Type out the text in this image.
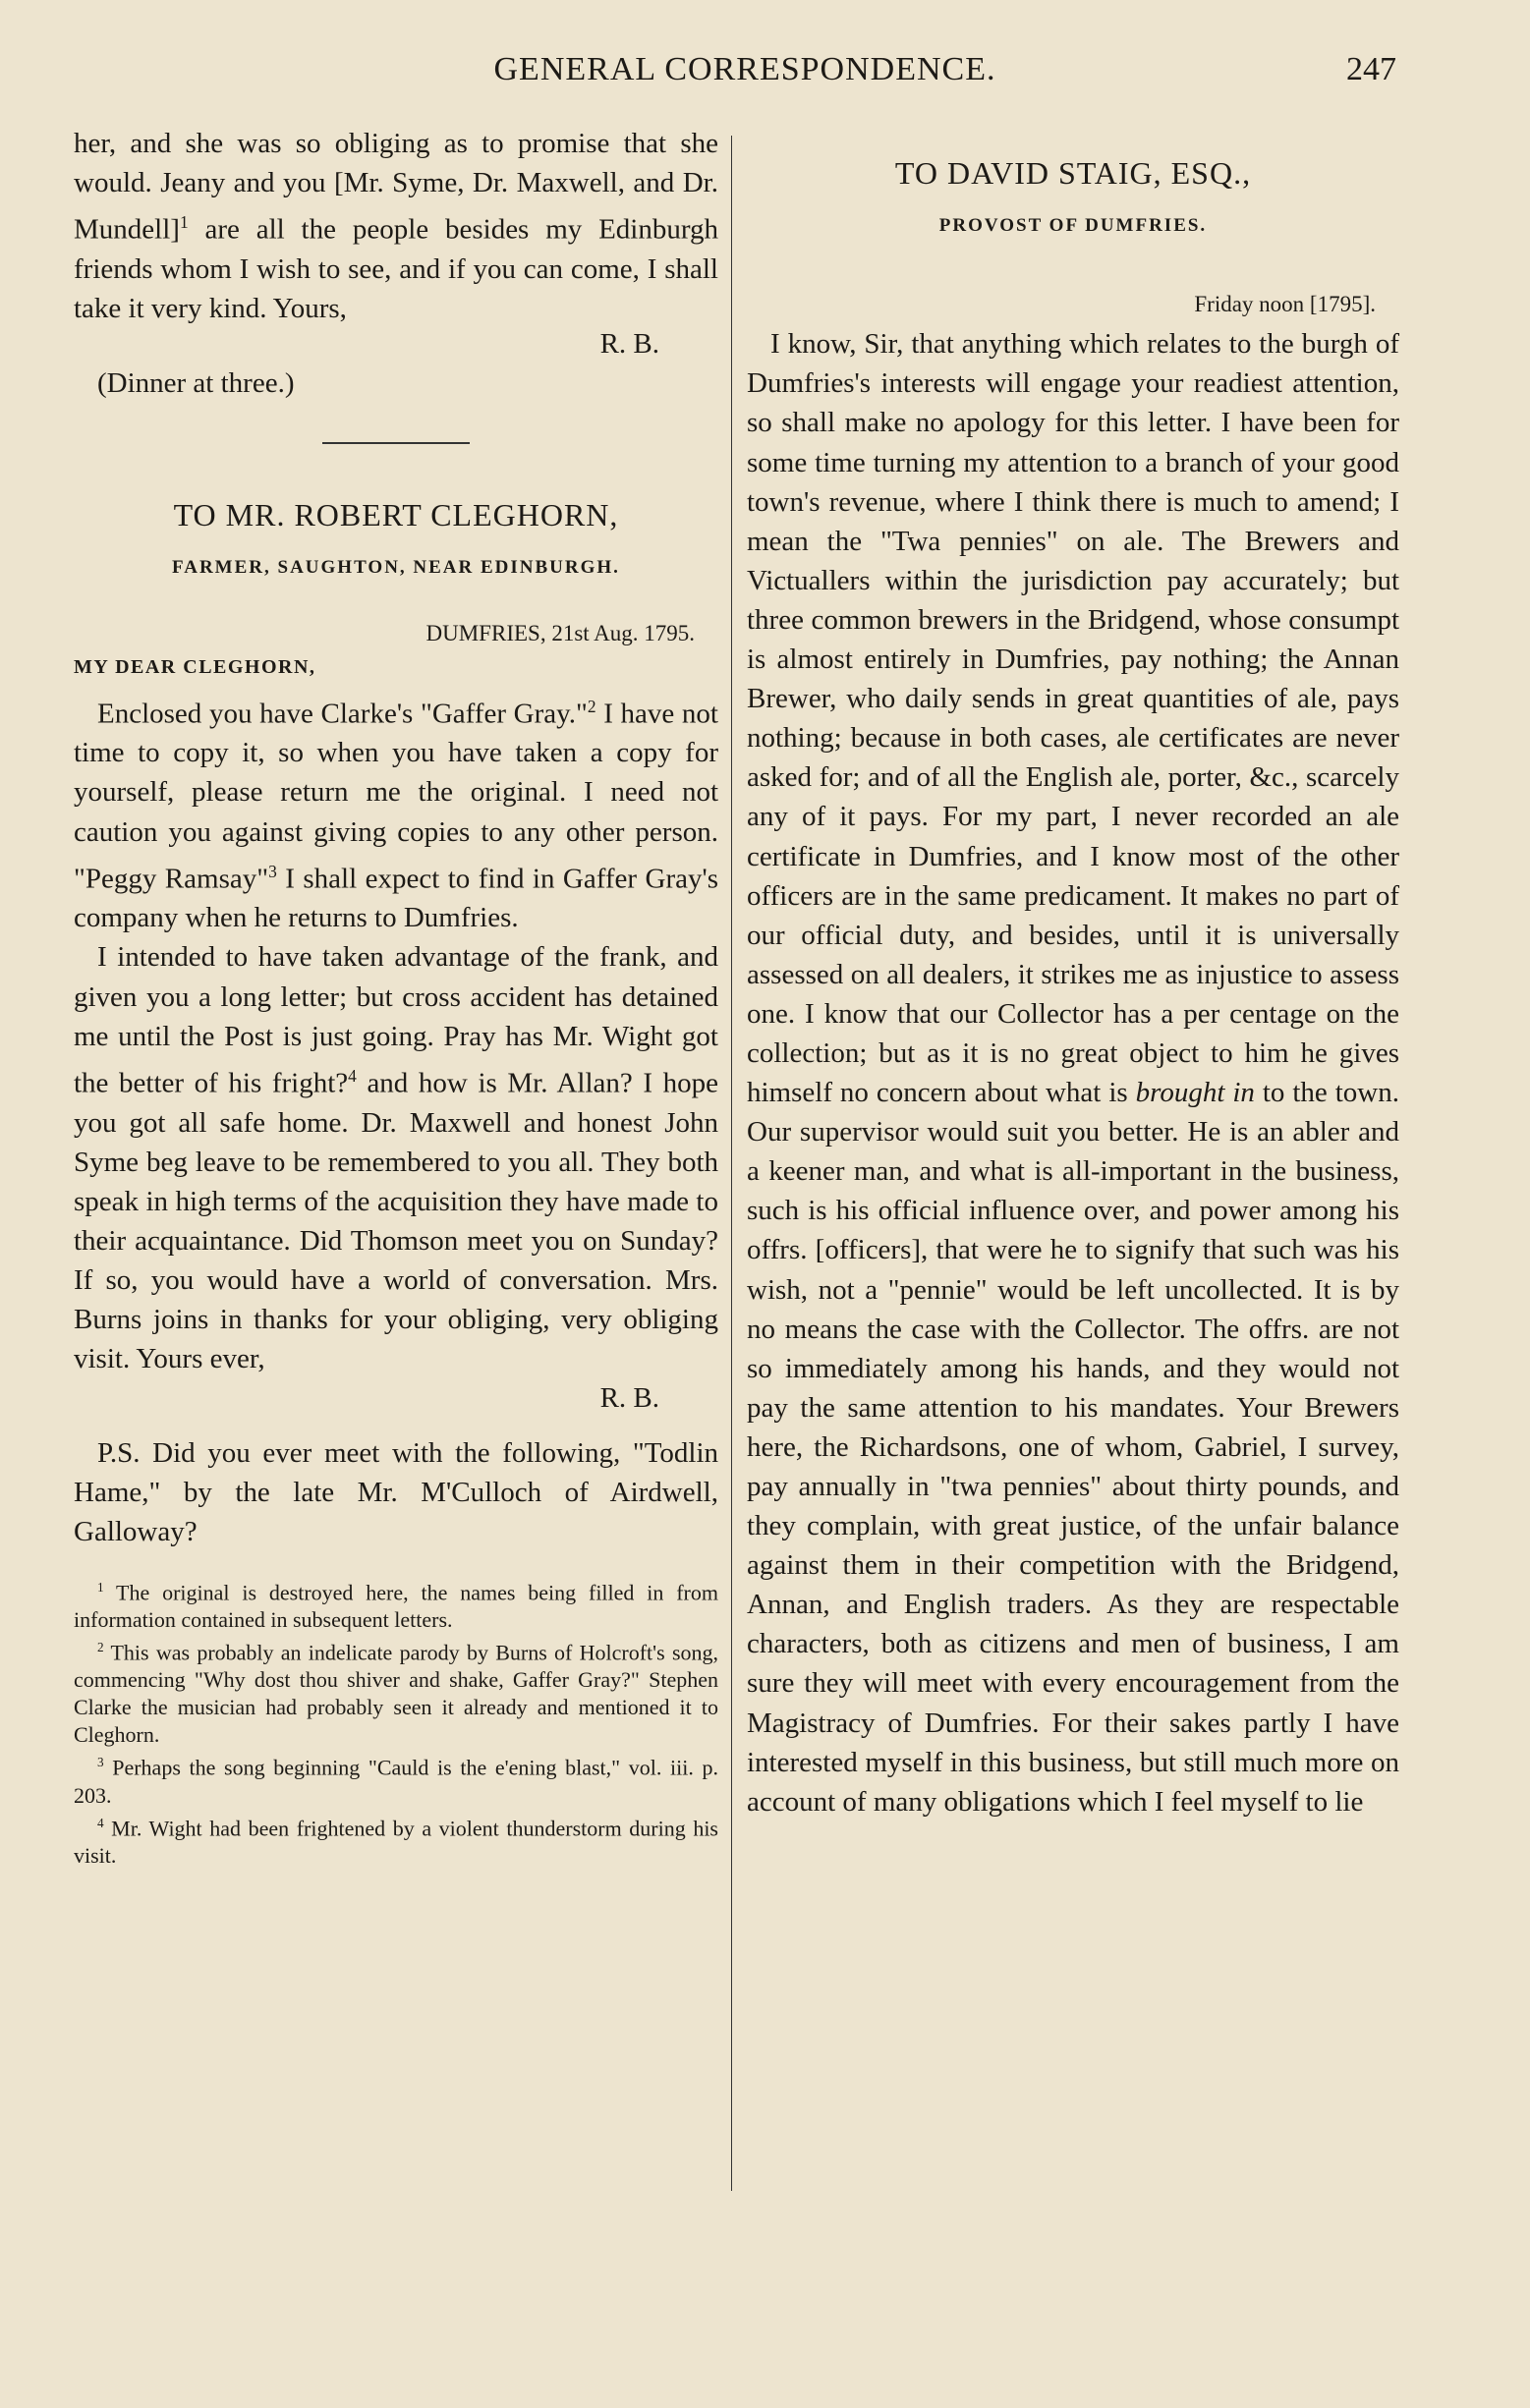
GENERAL CORRESPONDENCE.	247

her, and she was so obliging as to promise that she would. Jeany and you [Mr. Syme, Dr. Maxwell, and Dr. Mundell]$^1$ are all the people besides my Edinburgh friends whom I wish to see, and if you can come, I shall take it very kind. Yours,

R. B.

(Dinner at three.)

TO MR. ROBERT CLEGHORN,

FARMER, SAUGHTON, NEAR EDINBURGH.

DUMFRIES, 21st Aug. 1795.

MY DEAR CLEGHORN,

Enclosed you have Clarke's "Gaffer Gray."$^2$ I have not time to copy it, so when you have taken a copy for yourself, please return me the original. I need not caution you against giving copies to any other person. "Peggy Ramsay"$^3$ I shall expect to find in Gaffer Gray's company when he returns to Dumfries.

I intended to have taken advantage of the frank, and given you a long letter; but cross accident has detained me until the Post is just going. Pray has Mr. Wight got the better of his fright?$^4$ and how is Mr. Allan? I hope you got all safe home. Dr. Maxwell and honest John Syme beg leave to be remembered to you all. They both speak in high terms of the acquisition they have made to their acquaintance. Did Thomson meet you on Sunday? If so, you would have a world of conversation. Mrs. Burns joins in thanks for your obliging, very obliging visit. Yours ever,

R. B.

P.S. Did you ever meet with the following, "Todlin Hame," by the late Mr. M'Culloch of Airdwell, Galloway?

$^1$ The original is destroyed here, the names being filled in from information contained in subsequent letters.

$^2$ This was probably an indelicate parody by Burns of Holcroft's song, commencing "Why dost thou shiver and shake, Gaffer Gray?" Stephen Clarke the musician had probably seen it already and mentioned it to Cleghorn.

$^3$ Perhaps the song beginning "Cauld is the e'ening blast," vol. iii. p. 203.

$^4$ Mr. Wight had been frightened by a violent thunderstorm during his visit.

TO DAVID STAIG, ESQ.,

PROVOST OF DUMFRIES.

Friday noon [1795].

I know, Sir, that anything which relates to the burgh of Dumfries's interests will engage your readiest attention, so shall make no apology for this letter. I have been for some time turning my attention to a branch of your good town's revenue, where I think there is much to amend; I mean the "Twa pennies" on ale. The Brewers and Victuallers within the jurisdiction pay accurately; but three common brewers in the Bridgend, whose consumpt is almost entirely in Dumfries, pay nothing; the Annan Brewer, who daily sends in great quantities of ale, pays nothing; because in both cases, ale certificates are never asked for; and of all the English ale, porter, &c., scarcely any of it pays. For my part, I never recorded an ale certificate in Dumfries, and I know most of the other officers are in the same predicament. It makes no part of our official duty, and besides, until it is universally assessed on all dealers, it strikes me as injustice to assess one. I know that our Collector has a per centage on the collection; but as it is no great object to him he gives himself no concern about what is brought in to the town. Our supervisor would suit you better. He is an abler and a keener man, and what is all-important in the business, such is his official influence over, and power among his offrs. [officers], that were he to signify that such was his wish, not a "pennie" would be left uncollected. It is by no means the case with the Collector. The offrs. are not so immediately among his hands, and they would not pay the same attention to his mandates. Your Brewers here, the Richardsons, one of whom, Gabriel, I survey, pay annually in "twa pennies" about thirty pounds, and they complain, with great justice, of the unfair balance against them in their competition with the Bridgend, Annan, and English traders. As they are respectable characters, both as citizens and men of business, I am sure they will meet with every encouragement from the Magistracy of Dumfries. For their sakes partly I have interested myself in this business, but still much more on account of many obligations which I feel myself to lie
